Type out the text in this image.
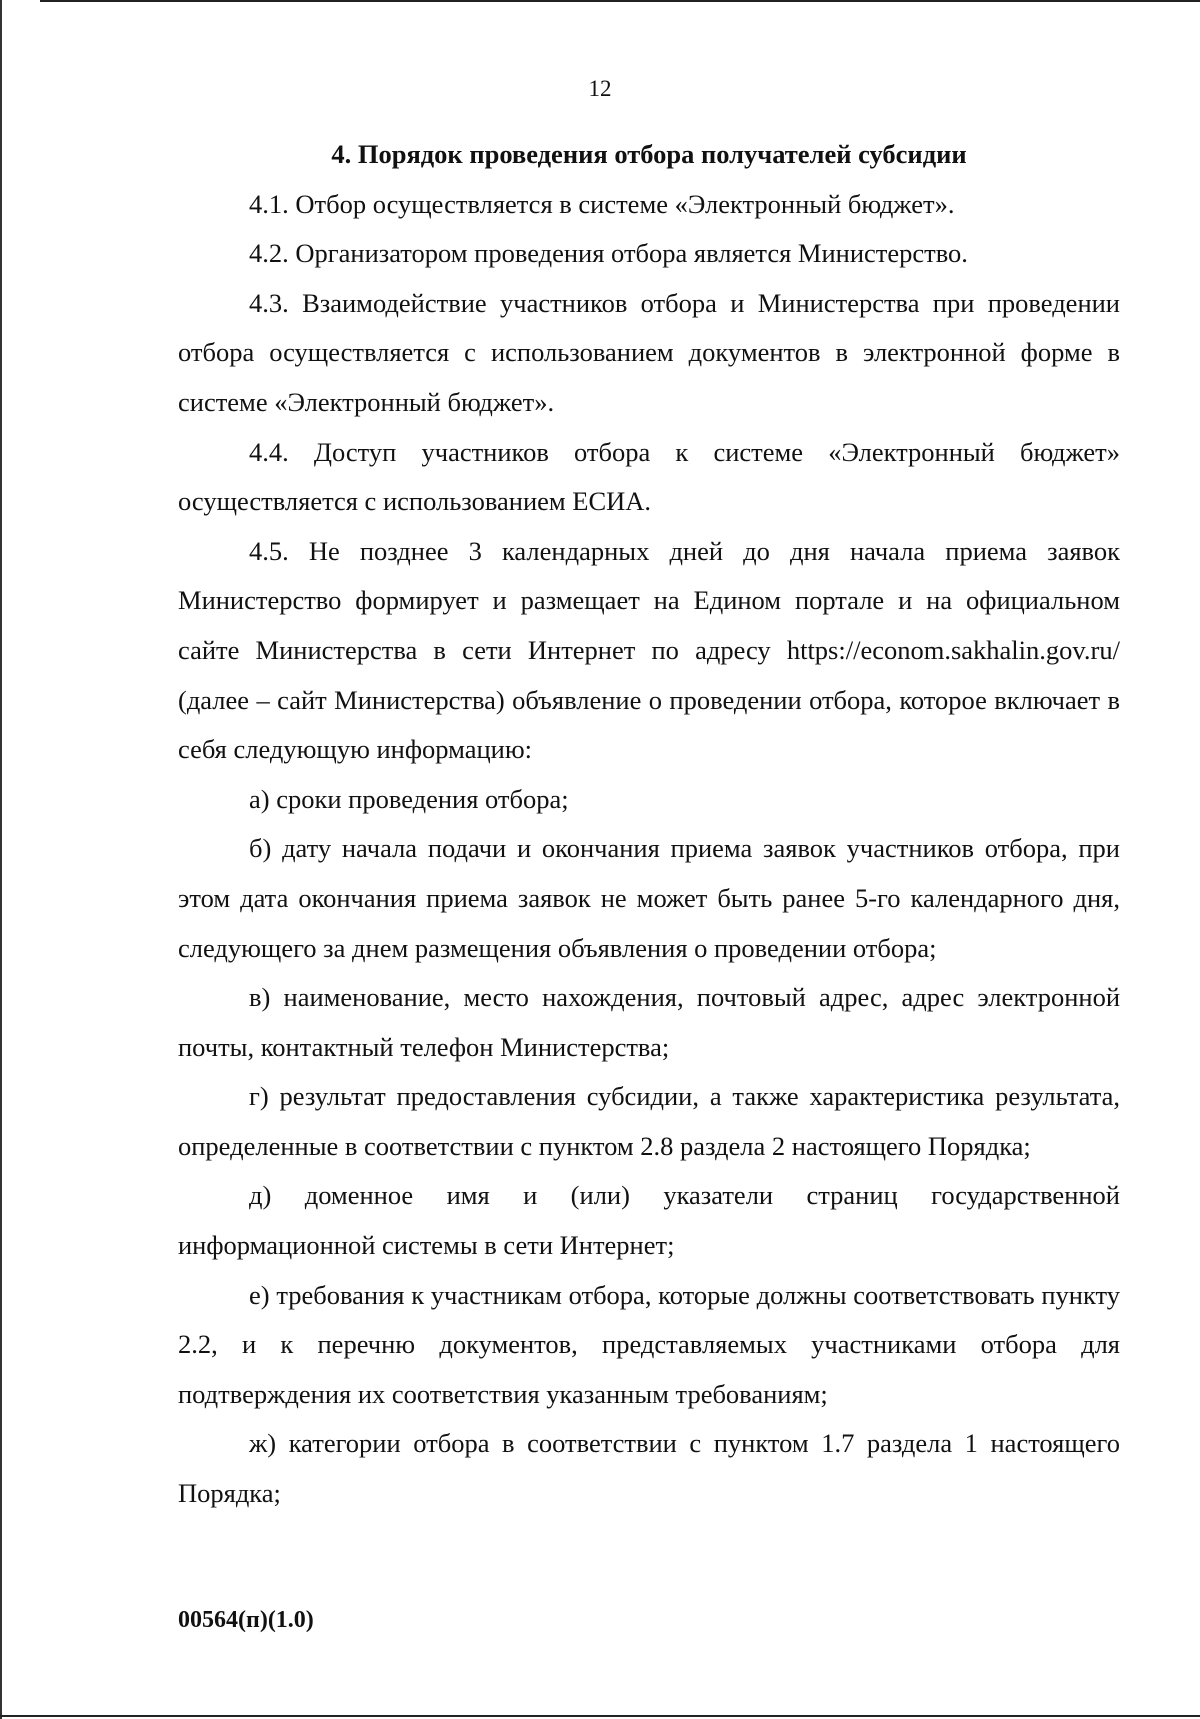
12

4. Порядок проведения отбора получателей субсидии

4.1. Отбор осуществляется в системе «Электронный бюджет».

4.2. Организатором проведения отбора является Министерство.

4.3. Взаимодействие участников отбора и Министерства при проведении отбора осуществляется с использованием документов в электронной форме в системе «Электронный бюджет».

4.4. Доступ участников отбора к системе «Электронный бюджет» осуществляется с использованием ЕСИА.

4.5. Не позднее 3 календарных дней до дня начала приема заявок Министерство формирует и размещает на Едином портале и на официальном сайте Министерства в сети Интернет по адресу https://econom.sakhalin.gov.ru/ (далее – сайт Министерства) объявление о проведении отбора, которое включает в себя следующую информацию:

а) сроки проведения отбора;

б) дату начала подачи и окончания приема заявок участников отбора, при этом дата окончания приема заявок не может быть ранее 5-го календарного дня, следующего за днем размещения объявления о проведении отбора;

в) наименование, место нахождения, почтовый адрес, адрес электронной почты, контактный телефон Министерства;

г) результат предоставления субсидии, а также характеристика результата, определенные в соответствии с пунктом 2.8 раздела 2 настоящего Порядка;

д) доменное имя и (или) указатели страниц государственной информационной системы в сети Интернет;

е) требования к участникам отбора, которые должны соответствовать пункту 2.2, и к перечню документов, представляемых участниками отбора для подтверждения их соответствия указанным требованиям;

ж) категории отбора в соответствии с пунктом 1.7 раздела 1 настоящего Порядка;

00564(п)(1.0)
